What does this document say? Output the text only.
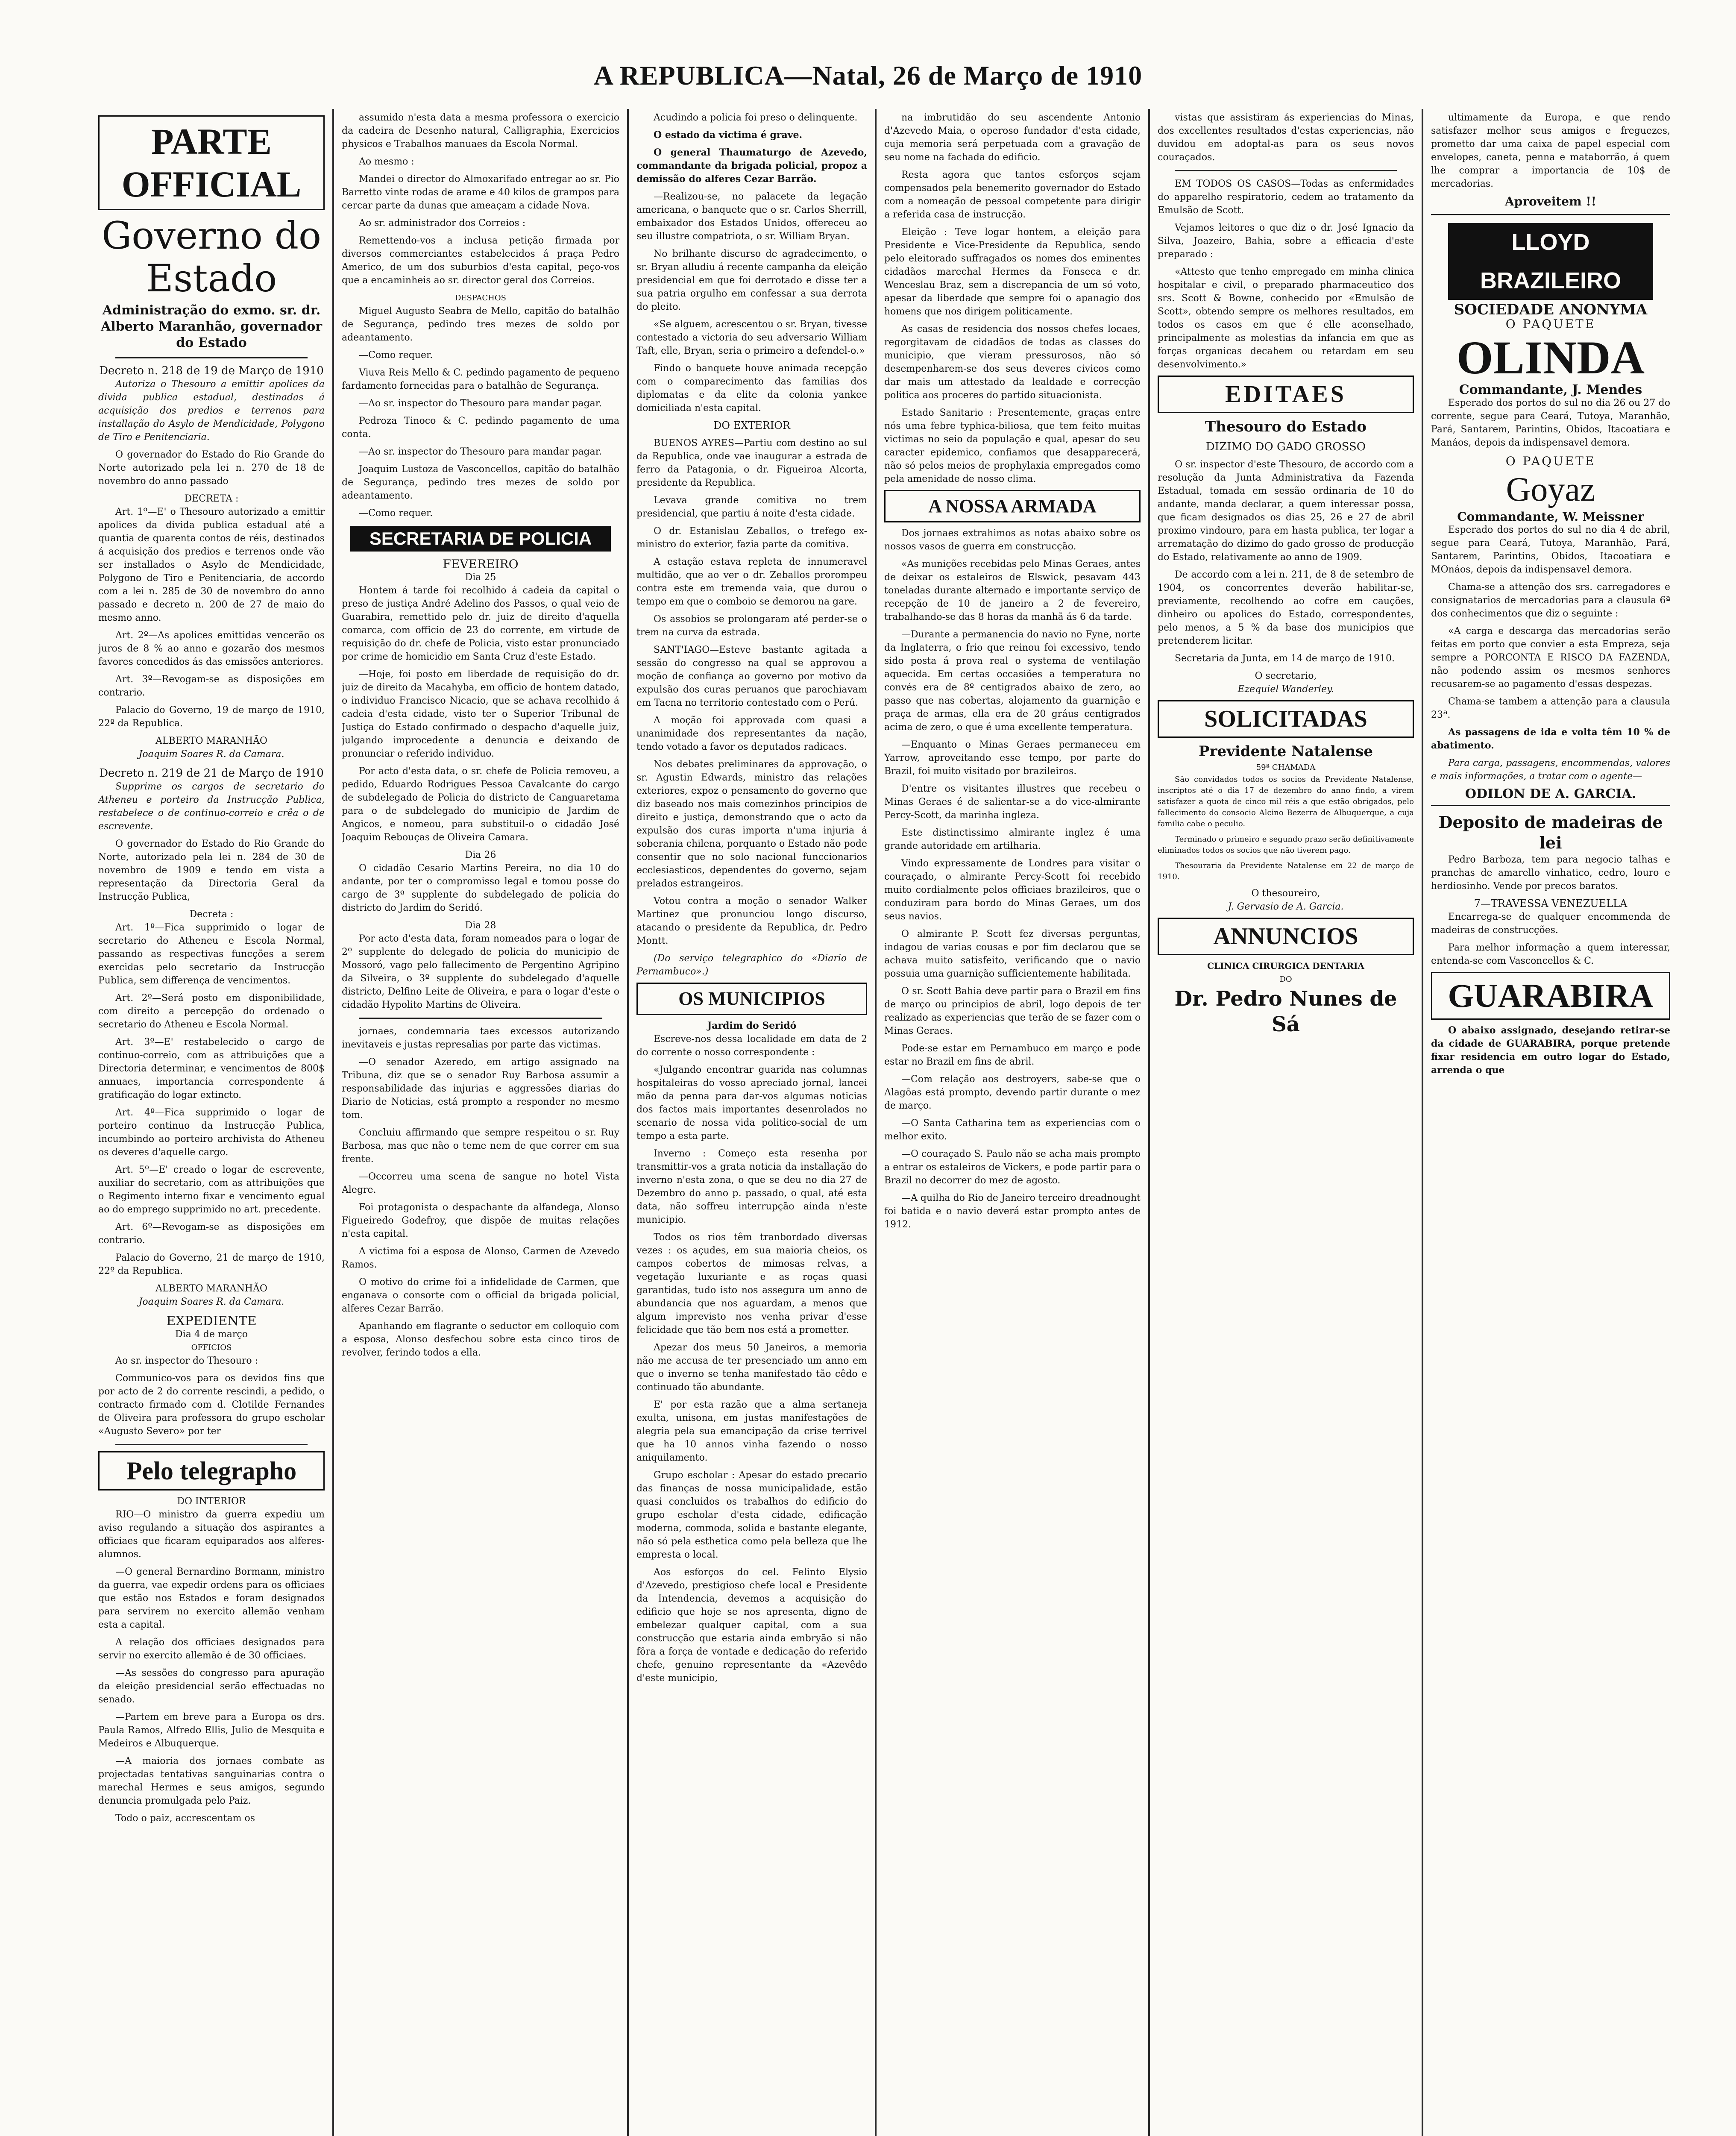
A REPUBLICA—Natal, 26 de Março de 1910
PARTE OFFICIAL
Governo do Estado
Administração do exmo. sr. dr. Alberto Maranhão, governador do Estado
Decreto n. 218 de 19 de Março de 1910

Autoriza o Thesouro a emittir apolices da divida publica estadual, destinadas á acquisição dos predios e terrenos para installação do Asylo de Mendicidade, Polygono de Tiro e Penitenciaria.

O governador do Estado do Rio Grande do Norte autorizado pela lei n. 270 de 18 de novembro do anno passado

DECRETA :

Art. 1º—E' o Thesouro autorizado a emittir apolices da divida publica estadual até a quantia de quarenta contos de réis, destinados á acquisição dos predios e terrenos onde vão ser installados o Asylo de Mendicidade, Polygono de Tiro e Penitenciaria, de accordo com a lei n. 285 de 30 de novembro do anno passado e decreto n. 200 de 27 de maio do mesmo anno.

Art. 2º—As apolices emittidas vencerão os juros de 8 % ao anno e gozarão dos mesmos favores concedidos ás das emissões anteriores.

Art. 3º—Revogam-se as disposições em contrario.

Palacio do Governo, 19 de março de 1910, 22º da Republica.

ALBERTO MARANHÃO
Joaquim Soares R. da Camara.
Decreto n. 219 de 21 de Março de 1910

Supprime os cargos de secretario do Atheneu e porteiro da Instrucção Publica, restabelece o de continuo-correio e crêa o de escrevente.

O governador do Estado do Rio Grande do Norte, autorizado pela lei n. 284 de 30 de novembro de 1909 e tendo em vista a representação da Directoria Geral da Instrucção Publica,

Decreta :

Art. 1º—Fica supprimido o logar de secretario do Atheneu e Escola Normal, passando as respectivas funcções a serem exercidas pelo secretario da Instrucção Publica, sem differença de vencimentos.

Art. 2º—Será posto em disponibilidade, com direito a percepção do ordenado o secretario do Atheneu e Escola Normal.

Art. 3º—E' restabelecido o cargo de continuo-correio, com as attribuições que a Directoria determinar, e vencimentos de 800$ annuaes, importancia correspondente á gratificação do logar extincto.

Art. 4º—Fica supprimido o logar de porteiro continuo da Instrucção Publica, incumbindo ao porteiro archivista do Atheneu os deveres d'aquelle cargo.

Art. 5º—E' creado o logar de escrevente, auxiliar do secretario, com as attribuições que o Regimento interno fixar e vencimento egual ao do emprego supprimido no art. precedente.

Art. 6º—Revogam-se as disposições em contrario.

Palacio do Governo, 21 de março de 1910, 22º da Republica.

ALBERTO MARANHÃO
Joaquim Soares R. da Camara.
EXPEDIENTE
Dia 4 de março
OFFICIOS

Ao sr. inspector do Thesouro :

Communico-vos para os devidos fins que por acto de 2 do corrente rescindi, a pedido, o contracto firmado com d. Clotilde Fernandes de Oliveira para professora do grupo escholar «Augusto Severo» por ter

Pelo telegrapho
DO INTERIOR

RIO—O ministro da guerra expediu um aviso regulando a situação dos aspirantes a officiaes que ficaram equiparados aos alferes-alumnos.

—O general Bernardino Bormann, ministro da guerra, vae expedir ordens para os officiaes que estão nos Estados e foram designados para servirem no exercito allemão venham esta a capital.

A relação dos officiaes designados para servir no exercito allemão é de 30 officiaes.

—As sessões do congresso para apuração da eleição presidencial serão effectuadas no senado.

—Partem em breve para a Europa os drs. Paula Ramos, Alfredo Ellis, Julio de Mesquita e Medeiros e Albuquerque.

—A maioria dos jornaes combate as projectadas tentativas sanguinarias contra o marechal Hermes e seus amigos, segundo denuncia promulgada pelo Paiz.

Todo o paiz, accrescentam os

assumido n'esta data a mesma professora o exercicio da cadeira de Desenho natural, Calligraphia, Exercicios physicos e Trabalhos manuaes da Escola Normal.

Ao mesmo :

Mandei o director do Almoxarifado entregar ao sr. Pio Barretto vinte rodas de arame e 40 kilos de grampos para cercar parte da dunas que ameaçam a cidade Nova.

Ao sr. administrador dos Correios :

Remettendo-vos a inclusa petição firmada por diversos commerciantes estabelecidos á praça Pedro Americo, de um dos suburbios d'esta capital, peço-vos que a encaminheis ao sr. director geral dos Correios.

DESPACHOS

Miguel Augusto Seabra de Mello, capitão do batalhão de Segurança, pedindo tres mezes de soldo por adeantamento.

—Como requer.

Viuva Reis Mello & C. pedindo pagamento de pequeno fardamento fornecidas para o batalhão de Segurança.

—Ao sr. inspector do Thesouro para mandar pagar.

Pedroza Tinoco & C. pedindo pagamento de uma conta.

—Ao sr. inspector do Thesouro para mandar pagar.

Joaquim Lustoza de Vasconcellos, capitão do batalhão de Segurança, pedindo tres mezes de soldo por adeantamento.

—Como requer.

SECRETARIA DE POLICIA
FEVEREIRO
Dia 25

Hontem á tarde foi recolhido á cadeia da capital o preso de justiça André Adelino dos Passos, o qual veio de Guarabira, remettido pelo dr. juiz de direito d'aquella comarca, com officio de 23 do corrente, em virtude de requisição do dr. chefe de Policia, visto estar pronunciado por crime de homicidio em Santa Cruz d'este Estado.

—Hoje, foi posto em liberdade de requisição do dr. juiz de direito da Macahyba, em officio de hontem datado, o individuo Francisco Nicacio, que se achava recolhido á cadeia d'esta cidade, visto ter o Superior Tribunal de Justiça do Estado confirmado o despacho d'aquelle juiz, julgando improcedente a denuncia e deixando de pronunciar o referido individuo.

Por acto d'esta data, o sr. chefe de Policia removeu, a pedido, Eduardo Rodrigues Pessoa Cavalcante do cargo de subdelegado de Policia do districto de Canguaretama para o de subdelegado do municipio de Jardim de Angicos, e nomeou, para substituil-o o cidadão José Joaquim Rebouças de Oliveira Camara.

Dia 26

O cidadão Cesario Martins Pereira, no dia 10 do andante, por ter o compromisso legal e tomou posse do cargo de 3º supplente do subdelegado de policia do districto do Jardim do Seridó.

Dia 28

Por acto d'esta data, foram nomeados para o logar de 2º supplente do delegado de policia do municipio de Mossoró, vago pelo fallecimento de Pergentino Agripino da Silveira, o 3º supplente do subdelegado d'aquelle districto, Delfino Leite de Oliveira, e para o logar d'este o cidadão Hypolito Martins de Oliveira.

jornaes, condemnaria taes excessos autorizando inevitaveis e justas represalias por parte das victimas.

—O senador Azeredo, em artigo assignado na Tribuna, diz que se o senador Ruy Barbosa assumir a responsabilidade das injurias e aggressões diarias do Diario de Noticias, está prompto a responder no mesmo tom.

Concluiu affirmando que sempre respeitou o sr. Ruy Barbosa, mas que não o teme nem de que correr em sua frente.

—Occorreu uma scena de sangue no hotel Vista Alegre.

Foi protagonista o despachante da alfandega, Alonso Figueiredo Godefroy, que dispõe de muitas relações n'esta capital.

A victima foi a esposa de Alonso, Carmen de Azevedo Ramos.

O motivo do crime foi a infidelidade de Carmen, que enganava o consorte com o official da brigada policial, alferes Cezar Barrão.

Apanhando em flagrante o seductor em colloquio com a esposa, Alonso desfechou sobre esta cinco tiros de revolver, ferindo todos a ella.

Acudindo a policia foi preso o delinquente.

O estado da victima é grave.

O general Thaumaturgo de Azevedo, commandante da brigada policial, propoz a demissão do alferes Cezar Barrão.

—Realizou-se, no palacete da legação americana, o banquete que o sr. Carlos Sherrill, embaixador dos Estados Unidos, offereceu ao seu illustre compatriota, o sr. William Bryan.

No brilhante discurso de agradecimento, o sr. Bryan alludiu á recente campanha da eleição presidencial em que foi derrotado e disse ter a sua patria orgulho em confessar a sua derrota do pleito.

«Se alguem, acrescentou o sr. Bryan, tivesse contestado a victoria do seu adversario William Taft, elle, Bryan, seria o primeiro a defendel-o.»

Findo o banquete houve animada recepção com o comparecimento das familias dos diplomatas e da elite da colonia yankee domiciliada n'esta capital.

DO EXTERIOR

BUENOS AYRES—Partiu com destino ao sul da Republica, onde vae inaugurar a estrada de ferro da Patagonia, o dr. Figueiroa Alcorta, presidente da Republica.

Levava grande comitiva no trem presidencial, que partiu á noite d'esta cidade.

O dr. Estanislau Zeballos, o trefego ex-ministro do exterior, fazia parte da comitiva.

A estação estava repleta de innumeravel multidão, que ao ver o dr. Zeballos prorompeu contra este em tremenda vaia, que durou o tempo em que o comboio se demorou na gare.

Os assobios se prolongaram até perder-se o trem na curva da estrada.

SANT'IAGO—Esteve bastante agitada a sessão do congresso na qual se approvou a moção de confiança ao governo por motivo da expulsão dos curas peruanos que parochiavam em Tacna no territorio contestado com o Perú.

A moção foi approvada com quasi a unanimidade dos representantes da nação, tendo votado a favor os deputados radicaes.

Nos debates preliminares da approvação, o sr. Agustin Edwards, ministro das relações exteriores, expoz o pensamento do governo que diz baseado nos mais comezinhos principios de direito e justiça, demonstrando que o acto da expulsão dos curas importa n'uma injuria á soberania chilena, porquanto o Estado não pode consentir que no solo nacional funccionarios ecclesiasticos, dependentes do governo, sejam prelados estrangeiros.

Votou contra a moção o senador Walker Martinez que pronunciou longo discurso, atacando o presidente da Republica, dr. Pedro Montt.

(Do serviço telegraphico do «Diario de Pernambuco».)

OS MUNICIPIOS
Jardim do Seridó

Escreve-nos dessa localidade em data de 2 do corrente o nosso correspondente :

«Julgando encontrar guarida nas columnas hospitaleiras do vosso apreciado jornal, lancei mão da penna para dar-vos algumas noticias dos factos mais importantes desenrolados no scenario de nossa vida politico-social de um tempo a esta parte.

Inverno : Começo esta resenha por transmittir-vos a grata noticia da installação do inverno n'esta zona, o que se deu no dia 27 de Dezembro do anno p. passado, o qual, até esta data, não soffreu interrupção ainda n'este municipio.

Todos os rios têm tranbordado diversas vezes : os açudes, em sua maioria cheios, os campos cobertos de mimosas relvas, a vegetação luxuriante e as roças quasi garantidas, tudo isto nos assegura um anno de abundancia que nos aguardam, a menos que algum imprevisto nos venha privar d'esse felicidade que tão bem nos está a prometter.

Apezar dos meus 50 Janeiros, a memoria não me accusa de ter presenciado um anno em que o inverno se tenha manifestado tão cêdo e continuado tão abundante.

E' por esta razão que a alma sertaneja exulta, unisona, em justas manifestações de alegria pela sua emancipação da crise terrivel que ha 10 annos vinha fazendo o nosso aniquilamento.

Grupo escholar : Apesar do estado precario das finanças de nossa municipalidade, estão quasi concluidos os trabalhos do edificio do grupo escholar d'esta cidade, edificação moderna, commoda, solida e bastante elegante, não só pela esthetica como pela belleza que lhe empresta o local.

Aos esforços do cel. Felinto Elysio d'Azevedo, prestigioso chefe local e Presidente da Intendencia, devemos a acquisição do edificio que hoje se nos apresenta, digno de embelezar qualquer capital, com a sua construcção que estaria ainda embryão si não fôra a força de vontade e dedicação do referido chefe, genuino representante da «Azevêdo d'este municipio,

na imbrutidão do seu ascendente Antonio d'Azevedo Maia, o operoso fundador d'esta cidade, cuja memoria será perpetuada com a gravação de seu nome na fachada do edificio.

Resta agora que tantos esforços sejam compensados pela benemerito governador do Estado com a nomeação de pessoal competente para dirigir a referida casa de instrucção.

Eleição : Teve logar hontem, a eleição para Presidente e Vice-Presidente da Republica, sendo pelo eleitorado suffragados os nomes dos eminentes cidadãos marechal Hermes da Fonseca e dr. Wenceslau Braz, sem a discrepancia de um só voto, apesar da liberdade que sempre foi o apanagio dos homens que nos dirigem politicamente.

As casas de residencia dos nossos chefes locaes, regorgitavam de cidadãos de todas as classes do municipio, que vieram pressurosos, não só desempenharem-se dos seus deveres civicos como dar mais um attestado da lealdade e correcção politica aos proceres do partido situacionista.

Estado Sanitario : Presentemente, graças entre nós uma febre typhica-biliosa, que tem feito muitas victimas no seio da população e qual, apesar do seu caracter epidemico, confiamos que desapparecerá, não só pelos meios de prophylaxia empregados como pela amenidade de nosso clima.

A NOSSA ARMADA

Dos jornaes extrahimos as notas abaixo sobre os nossos vasos de guerra em construcção.

«As munições recebidas pelo Minas Geraes, antes de deixar os estaleiros de Elswick, pesavam 443 toneladas durante alternado e importante serviço de recepção de 10 de janeiro a 2 de fevereiro, trabalhando-se das 8 horas da manhã ás 6 da tarde.

—Durante a permanencia do navio no Fyne, norte da Inglaterra, o frio que reinou foi excessivo, tendo sido posta á prova real o systema de ventilação aquecida. Em certas occasiões a temperatura no convés era de 8º centigrados abaixo de zero, ao passo que nas cobertas, alojamento da guarnição e praça de armas, ella era de 20 gráus centigrados acima de zero, o que é uma excellente temperatura.

—Enquanto o Minas Geraes permaneceu em Yarrow, aproveitando esse tempo, por parte do Brazil, foi muito visitado por brazileiros.

D'entre os visitantes illustres que recebeu o Minas Geraes é de salientar-se a do vice-almirante Percy-Scott, da marinha ingleza.

Este distinctissimo almirante inglez é uma grande autoridade em artilharia.

Vindo expressamente de Londres para visitar o couraçado, o almirante Percy-Scott foi recebido muito cordialmente pelos officiaes brazileiros, que o conduziram para bordo do Minas Geraes, um dos seus navios.

O almirante P. Scott fez diversas perguntas, indagou de varias cousas e por fim declarou que se achava muito satisfeito, verificando que o navio possuia uma guarnição sufficientemente habilitada.

O sr. Scott Bahia deve partir para o Brazil em fins de março ou principios de abril, logo depois de ter realizado as experiencias que terão de se fazer com o Minas Geraes.

Pode-se estar em Pernambuco em março e pode estar no Brazil em fins de abril.

—Com relação aos destroyers, sabe-se que o Alagôas está prompto, devendo partir durante o mez de março.

—O Santa Catharina tem as experiencias com o melhor exito.

—O couraçado S. Paulo não se acha mais prompto a entrar os estaleiros de Vickers, e pode partir para o Brazil no decorrer do mez de agosto.

—A quilha do Rio de Janeiro terceiro dreadnought foi batida e o navio deverá estar prompto antes de 1912.

vistas que assistiram ás experiencias do Minas, dos excellentes resultados d'estas experiencias, não duvidou em adoptal-as para os seus novos couraçados.

EM TODOS OS CASOS—Todas as enfermidades do apparelho respiratorio, cedem ao tratamento da Emulsão de Scott.

Vejamos leitores o que diz o dr. José Ignacio da Silva, Joazeiro, Bahia, sobre a efficacia d'este preparado :

«Attesto que tenho empregado em minha clinica hospitalar e civil, o preparado pharmaceutico dos srs. Scott & Bowne, conhecido por «Emulsão de Scott», obtendo sempre os melhores resultados, em todos os casos em que é elle aconselhado, principalmente as molestias da infancia em que as forças organicas decahem ou retardam em seu desenvolvimento.»

EDITAES
Thesouro do Estado
DIZIMO DO GADO GROSSO

O sr. inspector d'este Thesouro, de accordo com a resolução da Junta Administrativa da Fazenda Estadual, tomada em sessão ordinaria de 10 do andante, manda declarar, a quem interessar possa, que ficam designados os dias 25, 26 e 27 de abril proximo vindouro, para em hasta publica, ter logar a arrematação do dizimo do gado grosso de producção do Estado, relativamente ao anno de 1909.

De accordo com a lei n. 211, de 8 de setembro de 1904, os concorrentes deverão habilitar-se, previamente, recolhendo ao cofre em cauções, dinheiro ou apolices do Estado, correspondentes, pelo menos, a 5 % da base dos municipios que pretenderem licitar.

Secretaria da Junta, em 14 de março de 1910.

O secretario,
Ezequiel Wanderley.
SOLICITADAS
Previdente Natalense
59ª CHAMADA

São convidados todos os socios da Previdente Natalense, inscriptos até o dia 17 de dezembro do anno findo, a virem satisfazer a quota de cinco mil réis a que estão obrigados, pelo fallecimento do consocio Alcino Bezerra de Albuquerque, a cuja familia cabe o peculio.

Terminado o primeiro e segundo prazo serão definitivamente eliminados todos os socios que não tiverem pago.

Thesouraria da Previdente Natalense em 22 de março de 1910.

O thesoureiro,
J. Gervasio de A. Garcia.
ANNUNCIOS
CLINICA CIRURGICA DENTARIA
DO
Dr. Pedro Nunes de Sá

ultimamente da Europa, e que rendo satisfazer melhor seus amigos e freguezes, prometto dar uma caixa de papel especial com envelopes, caneta, penna e mataborrão, á quem lhe comprar a importancia de 10$ de mercadorias.

Aproveitem !!
LLOYD BRAZILEIRO
SOCIEDADE ANONYMA
O PAQUETE
OLINDA
Commandante, J. Mendes

Esperado dos portos do sul no dia 26 ou 27 do corrente, segue para Ceará, Tutoya, Maranhão, Pará, Santarem, Parintins, Obidos, Itacoatiara e Manáos, depois da indispensavel demora.

O PAQUETE
Goyaz
Commandante, W. Meissner

Esperado dos portos do sul no dia 4 de abril, segue para Ceará, Tutoya, Maranhão, Pará, Santarem, Parintins, Obidos, Itacoatiara e MOnáos, depois da indispensavel demora.

Chama-se a attenção dos srs. carregadores e consignatarios de mercadorias para a clausula 6ª dos conhecimentos que diz o seguinte :

«A carga e descarga das mercadorias serão feitas em porto que convier a esta Empreza, seja sempre a PORCONTA E RISCO DA FAZENDA, não podendo assim os mesmos senhores recusarem-se ao pagamento d'essas despezas.

Chama-se tambem a attenção para a clausula 23ª.

As passagens de ida e volta têm 10 % de abatimento.

Para carga, passagens, encommendas, valores e mais informações, a tratar com o agente—

ODILON DE A. GARCIA.
Deposito de madeiras de lei

Pedro Barboza, tem para negocio talhas e pranchas de amarello vinhatico, cedro, louro e herdiosinho. Vende por precos baratos.

7—TRAVESSA VENEZUELLA

Encarrega-se de qualquer encommenda de madeiras de construcções.

Para melhor informação a quem interessar, entenda-se com Vasconcellos & C.

GUARABIRA

O abaixo assignado, desejando retirar-se da cidade de GUARABIRA, porque pretende fixar residencia em outro logar do Estado, arrenda o que
